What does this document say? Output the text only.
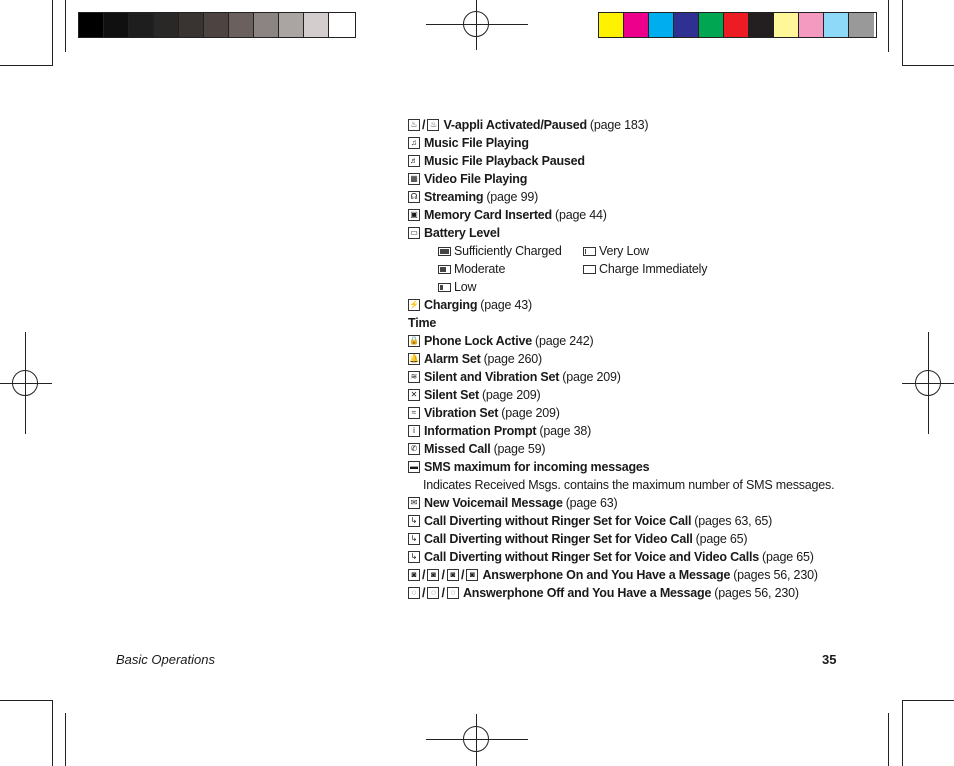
♨ / ♨ V-appli Activated/Paused (page 183)
♫ Music File Playing
♬ Music File Playback Paused
▦ Video File Playing
☊ Streaming (page 99)
▣ Memory Card Inserted (page 44)
▭ Battery Level
Sufficiently Charged	Very Low
Moderate	Charge Immediately
Low
⚡ Charging (page 43)
Time
🔒 Phone Lock Active (page 242)
🔔 Alarm Set (page 260)
≋ Silent and Vibration Set (page 209)
✕ Silent Set (page 209)
≈ Vibration Set (page 209)
i Information Prompt (page 38)
✆ Missed Call (page 59)
▬ SMS maximum for incoming messages
Indicates Received Msgs. contains the maximum number of SMS messages.
✉ New Voicemail Message (page 63)
↳ Call Diverting without Ringer Set for Voice Call (pages 63, 65)
↳ Call Diverting without Ringer Set for Video Call (page 65)
↳ Call Diverting without Ringer Set for Voice and Video Calls (page 65)
◙ / ◙ / ◙ / ◙ Answerphone On and You Have a Message (pages 56, 230)
◌ / ◌ / ◌ Answerphone Off and You Have a Message (pages 56, 230)
Basic Operations	35
